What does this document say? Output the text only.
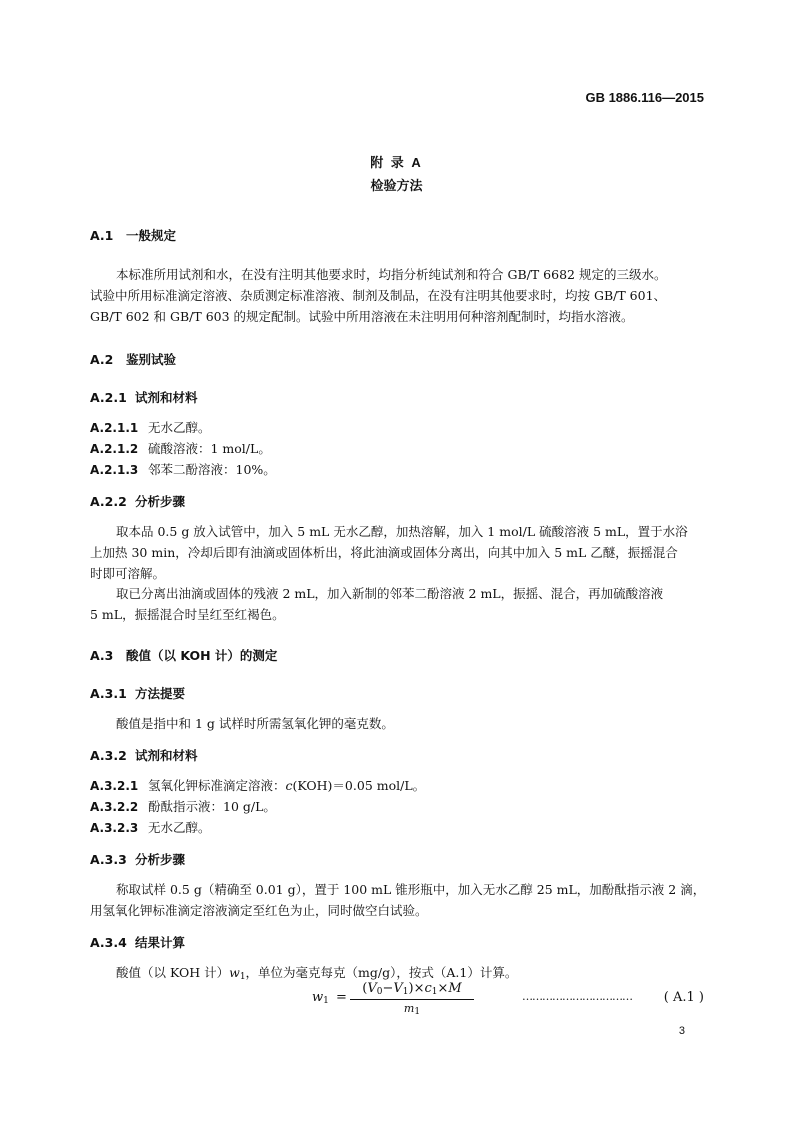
GB 1886.116—2015
附 录 A
检验方法
A.1 一般规定
本标准所用试剂和水，在没有注明其他要求时，均指分析纯试剂和符合 GB/T 6682 规定的三级水。
试验中所用标准滴定溶液、杂质测定标准溶液、制剂及制品，在没有注明其他要求时，均按 GB/T 601、
GB/T 602 和 GB/T 603 的规定配制。试验中所用溶液在未注明用何种溶剂配制时，均指水溶液。
A.2 鉴别试验
A.2.1 试剂和材料
A.2.1.1 无水乙醇。
A.2.1.2 硫酸溶液：1 mol/L。
A.2.1.3 邻苯二酚溶液：10%。
A.2.2 分析步骤
取本品 0.5 g 放入试管中，加入 5 mL 无水乙醇，加热溶解，加入 1 mol/L 硫酸溶液 5 mL，置于水浴
上加热 30 min，冷却后即有油滴或固体析出，将此油滴或固体分离出，向其中加入 5 mL 乙醚，振摇混合
时即可溶解。
取已分离出油滴或固体的残液 2 mL，加入新制的邻苯二酚溶液 2 mL，振摇、混合，再加硫酸溶液
5 mL，振摇混合时呈红至红褐色。
A.3 酸值（以 KOH 计）的测定
A.3.1 方法提要
酸值是指中和 1 g 试样时所需氢氧化钾的毫克数。
A.3.2 试剂和材料
A.3.2.1 氢氧化钾标准滴定溶液：c(KOH)＝0.05 mol/L。
A.3.2.2 酚酞指示液：10 g/L。
A.3.2.3 无水乙醇。
A.3.3 分析步骤
称取试样 0.5 g（精确至 0.01 g），置于 100 mL 锥形瓶中，加入无水乙醇 25 mL，加酚酞指示液 2 滴，
用氢氧化钾标准滴定溶液滴定至红色为止，同时做空白试验。
A.3.4 结果计算
酸值（以 KOH 计）$w_1$，单位为毫克每克（mg/g），按式（A.1）计算。
$w_1$ =
$(V_0-V_1)\times c_1\times M$
$m_1$
…………………………… ( A.1 )
3
